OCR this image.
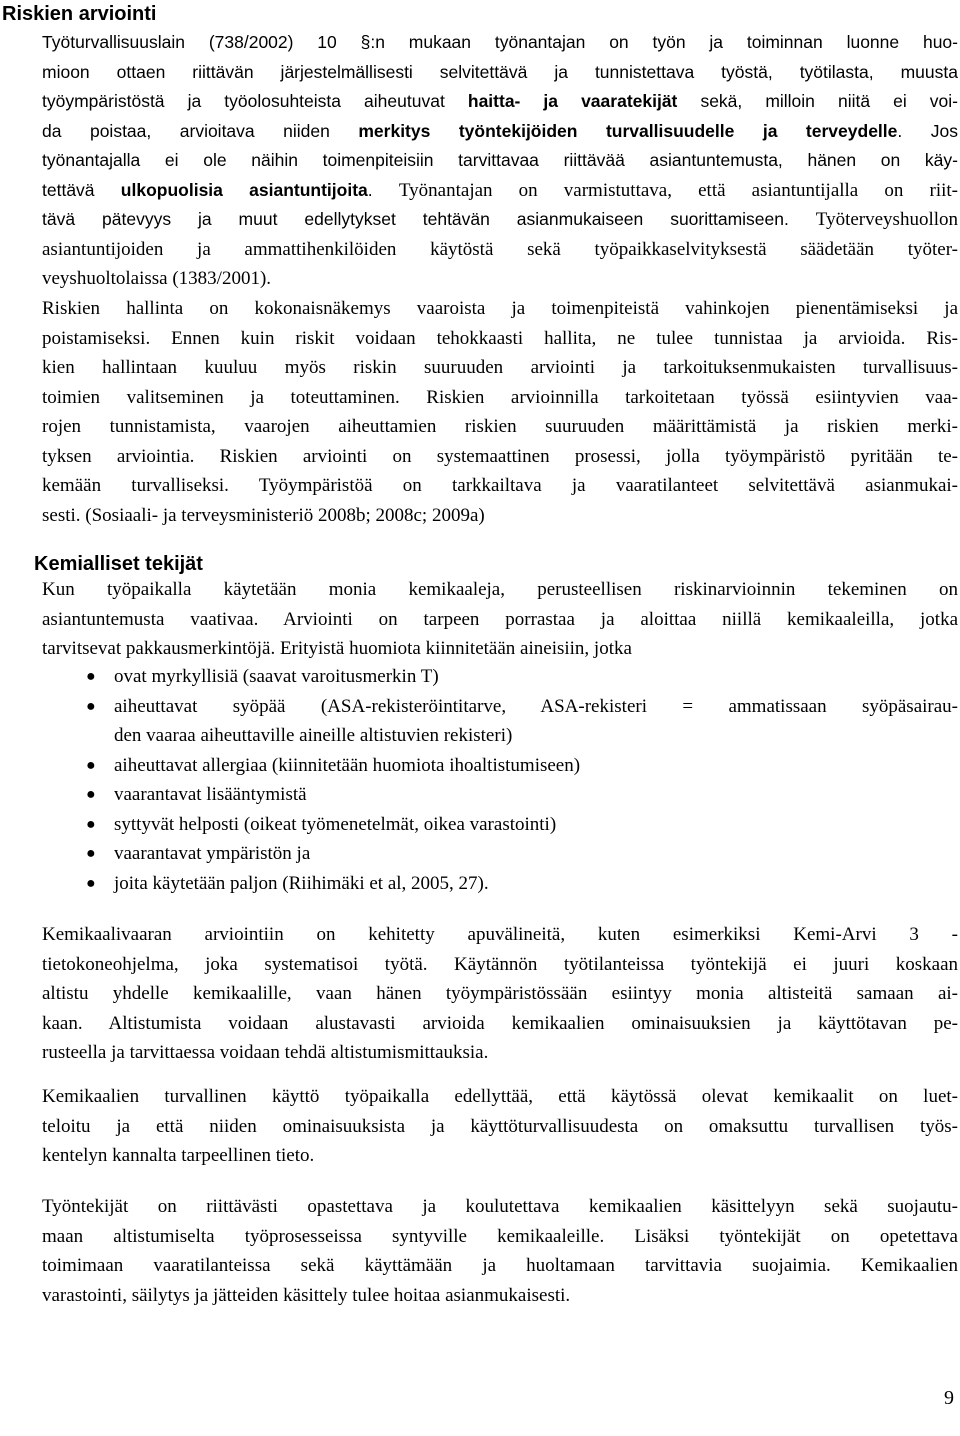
Riskien arviointi
Työturvallisuuslain (738/2002) 10 §:n mukaan työnantajan on työn ja toiminnan luonne huo-
mioon ottaen riittävän järjestelmällisesti selvitettävä ja tunnistettava työstä, työtilasta, muusta
työympäristöstä ja työolosuhteista aiheutuvat haitta- ja vaaratekijät sekä, milloin niitä ei voi-
da poistaa, arvioitava niiden merkitys työntekijöiden turvallisuudelle ja terveydelle. Jos
työnantajalla ei ole näihin toimenpiteisiin tarvittavaa riittävää asiantuntemusta, hänen on käy-
tettävä ulkopuolisia asiantuntijoita. Työnantajan on varmistuttava, että asiantuntijalla on riit-
tävä pätevyys ja muut edellytykset tehtävän asianmukaiseen suorittamiseen. Työterveyshuollon
asiantuntijoiden ja ammattihenkilöiden käytöstä sekä työpaikkaselvityksestä säädetään työter-
veyshuoltolaissa (1383/2001).
Riskien hallinta on kokonaisnäkemys vaaroista ja toimenpiteistä vahinkojen pienentämiseksi ja
poistamiseksi. Ennen kuin riskit voidaan tehokkaasti hallita, ne tulee tunnistaa ja arvioida. Ris-
kien hallintaan kuuluu myös riskin suuruuden arviointi ja tarkoituksenmukaisten turvallisuus-
toimien valitseminen ja toteuttaminen. Riskien arvioinnilla tarkoitetaan työssä esiintyvien vaa-
rojen tunnistamista, vaarojen aiheuttamien riskien suuruuden määrittämistä ja riskien merki-
tyksen arviointia. Riskien arviointi on systemaattinen prosessi, jolla työympäristö pyritään te-
kemään turvalliseksi. Työympäristöä on tarkkailtava ja vaaratilanteet selvitettävä asianmukai-
sesti. (Sosiaali- ja terveysministeriö 2008b; 2008c; 2009a)
Kemialliset tekijät
Kun työpaikalla käytetään monia kemikaaleja, perusteellisen riskinarvioinnin tekeminen on
asiantuntemusta vaativaa. Arviointi on tarpeen porrastaa ja aloittaa niillä kemikaaleilla, jotka
tarvitsevat pakkausmerkintöjä. Erityistä huomiota kiinnitetään aineisiin, jotka
● ovat myrkyllisiä (saavat varoitusmerkin T)
● aiheuttavat syöpää (ASA-rekisteröintitarve, ASA-rekisteri = ammatissaan syöpäsairau-
den vaaraa aiheuttaville aineille altistuvien rekisteri)
● aiheuttavat allergiaa (kiinnitetään huomiota ihoaltistumiseen)
● vaarantavat lisääntymistä
● syttyvät helposti (oikeat työmenetelmät, oikea varastointi)
● vaarantavat ympäristön ja
● joita käytetään paljon (Riihimäki et al, 2005, 27).
Kemikaalivaaran arviointiin on kehitetty apuvälineitä, kuten esimerkiksi Kemi-Arvi 3 -
tietokoneohjelma, joka systematisoi työtä. Käytännön työtilanteissa työntekijä ei juuri koskaan
altistu yhdelle kemikaalille, vaan hänen työympäristössään esiintyy monia altisteitä samaan ai-
kaan. Altistumista voidaan alustavasti arvioida kemikaalien ominaisuuksien ja käyttötavan pe-
rusteella ja tarvittaessa voidaan tehdä altistumismittauksia.
Kemikaalien turvallinen käyttö työpaikalla edellyttää, että käytössä olevat kemikaalit on luet-
teloitu ja että niiden ominaisuuksista ja käyttöturvallisuudesta on omaksuttu turvallisen työs-
kentelyn kannalta tarpeellinen tieto.
Työntekijät on riittävästi opastettava ja koulutettava kemikaalien käsittelyyn sekä suojautu-
maan altistumiselta työprosesseissa syntyville kemikaaleille. Lisäksi työntekijät on opetettava
toimimaan vaaratilanteissa sekä käyttämään ja huoltamaan tarvittavia suojaimia. Kemikaalien
varastointi, säilytys ja jätteiden käsittely tulee hoitaa asianmukaisesti.
9
